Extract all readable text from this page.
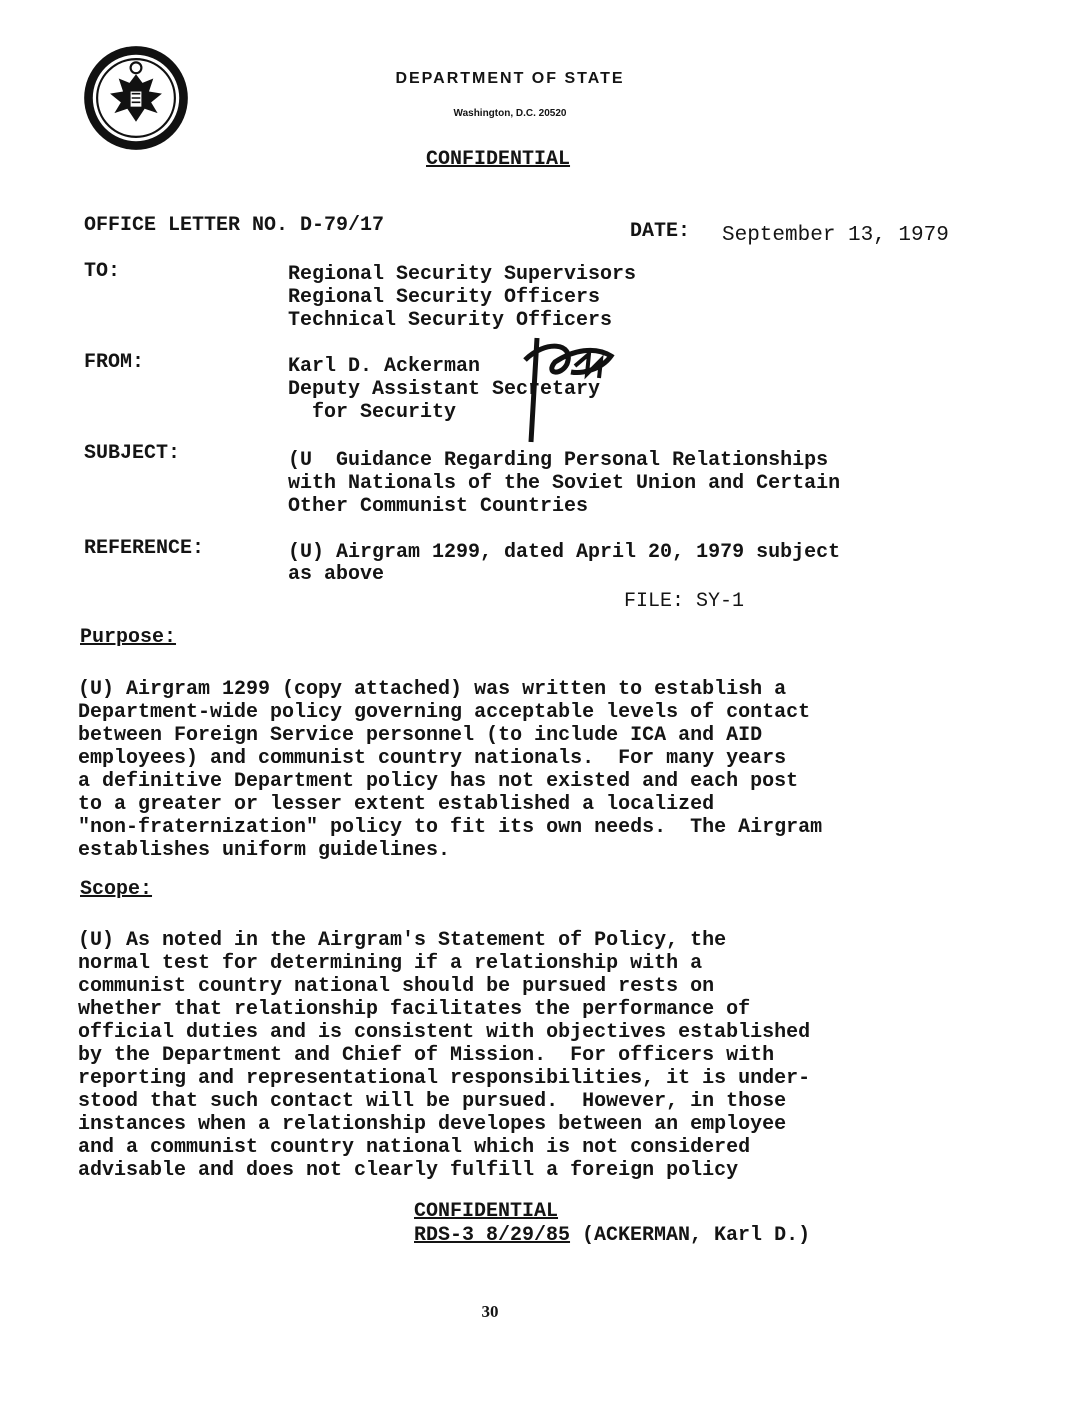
DEPARTMENT OF STATE
Washington, D.C. 20520
CONFIDENTIAL
OFFICE LETTER NO. D-79/17	DATE: September 13, 1979
TO:	Regional Security Supervisors
Regional Security Officers
Technical Security Officers
FROM:	Karl D. Ackerman
Deputy Assistant Secretary
for Security
SUBJECT:	(U  Guidance Regarding Personal Relationships
with Nationals of the Soviet Union and Certain
Other Communist Countries
REFERENCE:	(U) Airgram 1299, dated April 20, 1979 subject
as above
FILE: SY-1
Purpose:
(U) Airgram 1299 (copy attached) was written to establish a
Department-wide policy governing acceptable levels of contact
between Foreign Service personnel (to include ICA and AID
employees) and communist country nationals.  For many years
a definitive Department policy has not existed and each post
to a greater or lesser extent established a localized
"non-fraternization" policy to fit its own needs.  The Airgram
establishes uniform guidelines.
Scope:
(U) As noted in the Airgram's Statement of Policy, the
normal test for determining if a relationship with a
communist country national should be pursued rests on
whether that relationship facilitates the performance of
official duties and is consistent with objectives established
by the Department and Chief of Mission.  For officers with
reporting and representational responsibilities, it is under-
stood that such contact will be pursued.  However, in those
instances when a relationship developes between an employee
and a communist country national which is not considered
advisable and does not clearly fulfill a foreign policy
CONFIDENTIAL
RDS-3 8/29/85 (ACKERMAN, Karl D.)
30
